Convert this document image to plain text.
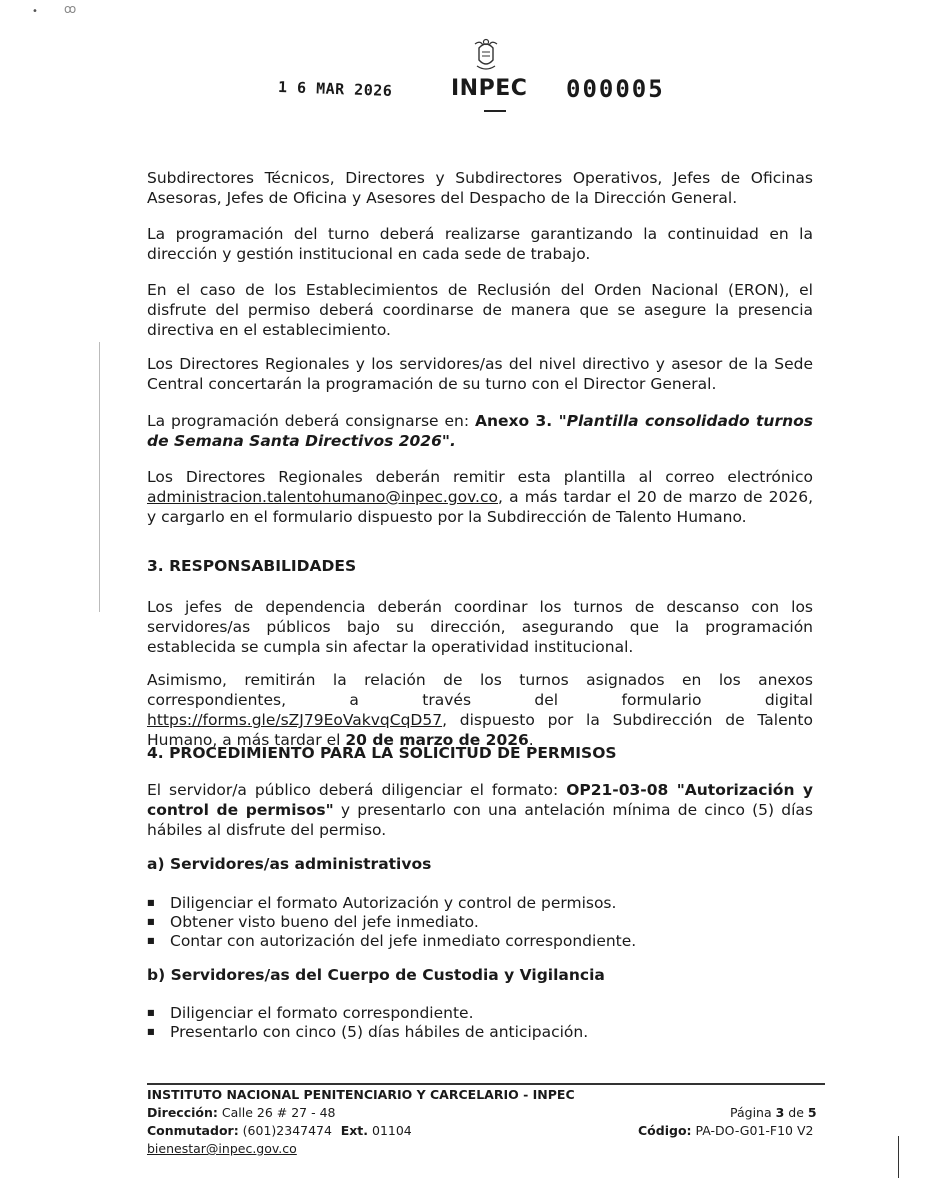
• ꚙ
1 6 MAR 2026	INPEC 000005
Subdirectores Técnicos, Directores y Subdirectores Operativos, Jefes de Oficinas Asesoras, Jefes de Oficina y Asesores del Despacho de la Dirección General.
La programación del turno deberá realizarse garantizando la continuidad en la dirección y gestión institucional en cada sede de trabajo.
En el caso de los Establecimientos de Reclusión del Orden Nacional (ERON), el disfrute del permiso deberá coordinarse de manera que se asegure la presencia directiva en el establecimiento.
Los Directores Regionales y los servidores/as del nivel directivo y asesor de la Sede Central concertarán la programación de su turno con el Director General.
La programación deberá consignarse en: Anexo 3. "Plantilla consolidado turnos de Semana Santa Directivos 2026".
Los Directores Regionales deberán remitir esta plantilla al correo electrónico administracion.talentohumano@inpec.gov.co, a más tardar el 20 de marzo de 2026, y cargarlo en el formulario dispuesto por la Subdirección de Talento Humano.
3. RESPONSABILIDADES
Los jefes de dependencia deberán coordinar los turnos de descanso con los servidores/as públicos bajo su dirección, asegurando que la programación establecida se cumpla sin afectar la operatividad institucional.
Asimismo, remitirán la relación de los turnos asignados en los anexos correspondientes, a través del formulario digital https://forms.gle/sZJ79EoVakvqCqD57, dispuesto por la Subdirección de Talento Humano, a más tardar el 20 de marzo de 2026.
4. PROCEDIMIENTO PARA LA SOLICITUD DE PERMISOS
El servidor/a público deberá diligenciar el formato: OP21-03-08 "Autorización y control de permisos" y presentarlo con una antelación mínima de cinco (5) días hábiles al disfrute del permiso.
a) Servidores/as administrativos
■ Diligenciar el formato Autorización y control de permisos.
■ Obtener visto bueno del jefe inmediato.
■ Contar con autorización del jefe inmediato correspondiente.
b) Servidores/as del Cuerpo de Custodia y Vigilancia
■ Diligenciar el formato correspondiente.
■ Presentarlo con cinco (5) días hábiles de anticipación.
INSTITUTO NACIONAL PENITENCIARIO Y CARCELARIO - INPEC
Dirección: Calle 26 # 27 - 48
Conmutador: (601)2347474 Ext. 01104
bienestar@inpec.gov.co
Página 3 de 5
Código: PA-DO-G01-F10 V2
